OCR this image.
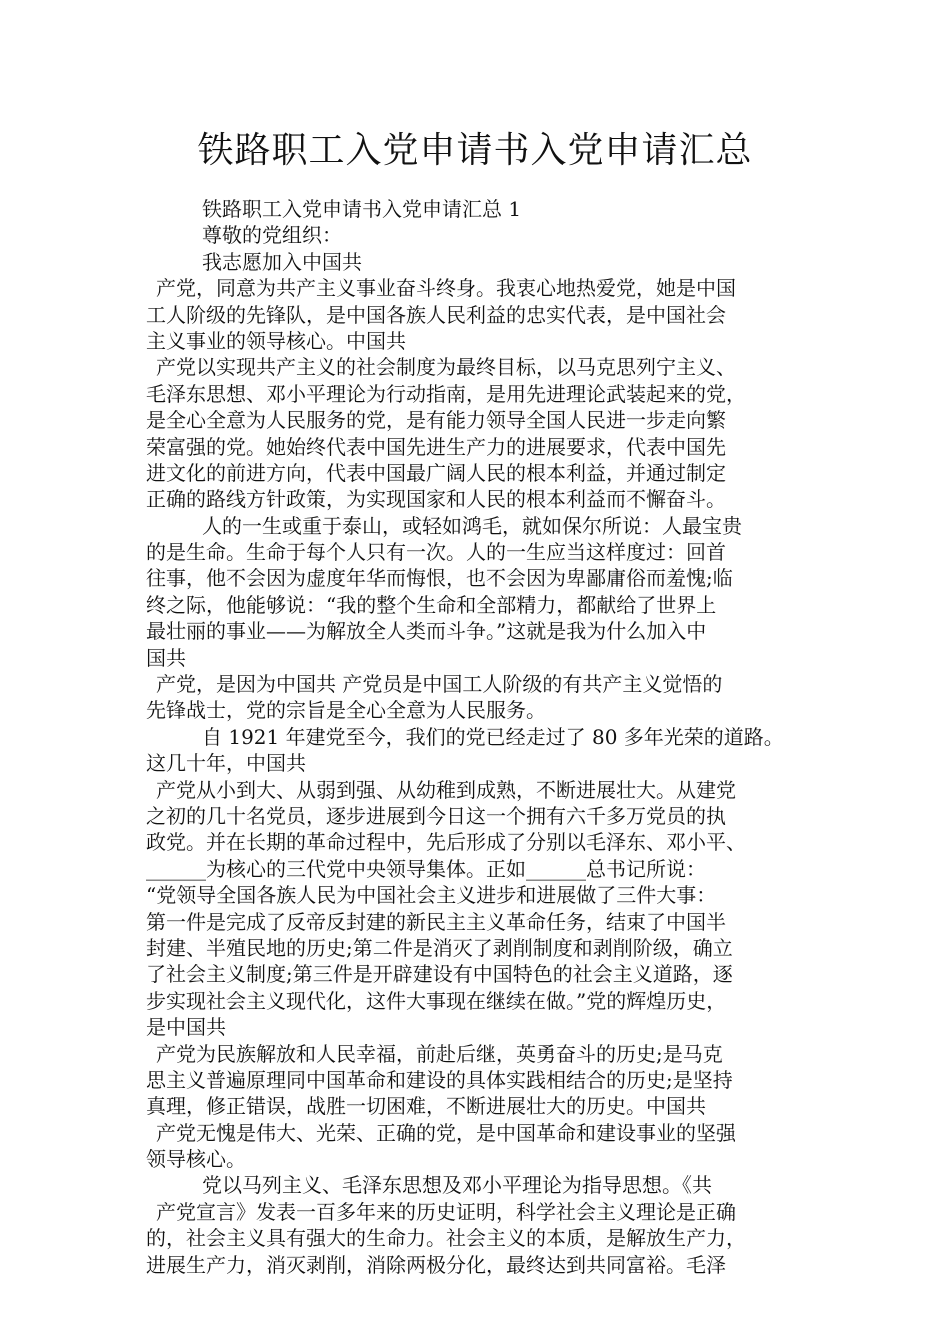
铁路职工入党申请书入党申请汇总
铁路职工入党申请书入党申请汇总 1
尊敬的党组织：
我志愿加入中国共
产党，同意为共产主义事业奋斗终身。我衷心地热爱党，她是中国
工人阶级的先锋队，是中国各族人民利益的忠实代表，是中国社会
主义事业的领导核心。中国共
产党以实现共产主义的社会制度为最终目标，以马克思列宁主义、
毛泽东思想、邓小平理论为行动指南，是用先进理论武装起来的党，
是全心全意为人民服务的党，是有能力领导全国人民进一步走向繁
荣富强的党。她始终代表中国先进生产力的进展要求，代表中国先
进文化的前进方向，代表中国最广阔人民的根本利益，并通过制定
正确的路线方针政策，为实现国家和人民的根本利益而不懈奋斗。
人的一生或重于泰山，或轻如鸿毛，就如保尔所说：人最宝贵
的是生命。生命于每个人只有一次。人的一生应当这样度过：回首
往事，他不会因为虚度年华而悔恨，也不会因为卑鄙庸俗而羞愧;临
终之际，他能够说：“我的整个生命和全部精力，都献给了世界上
最壮丽的事业——为解放全人类而斗争。”这就是我为什么加入中
国共
产党，是因为中国共 产党员是中国工人阶级的有共产主义觉悟的
先锋战士，党的宗旨是全心全意为人民服务。
自 1921 年建党至今，我们的党已经走过了 80 多年光荣的道路。
这几十年，中国共
产党从小到大、从弱到强、从幼稚到成熟，不断进展壮大。从建党
之初的几十名党员，逐步进展到今日这一个拥有六千多万党员的执
政党。并在长期的革命过程中，先后形成了分别以毛泽东、邓小平、
______为核心的三代党中央领导集体。正如______总书记所说：
“党领导全国各族人民为中国社会主义进步和进展做了三件大事：
第一件是完成了反帝反封建的新民主主义革命任务，结束了中国半
封建、半殖民地的历史;第二件是消灭了剥削制度和剥削阶级，确立
了社会主义制度;第三件是开辟建设有中国特色的社会主义道路，逐
步实现社会主义现代化，这件大事现在继续在做。”党的辉煌历史，
是中国共
产党为民族解放和人民幸福，前赴后继，英勇奋斗的历史;是马克
思主义普遍原理同中国革命和建设的具体实践相结合的历史;是坚持
真理，修正错误，战胜一切困难，不断进展壮大的历史。中国共
产党无愧是伟大、光荣、正确的党，是中国革命和建设事业的坚强
领导核心。
党以马列主义、毛泽东思想及邓小平理论为指导思想。《共
产党宣言》发表一百多年来的历史证明，科学社会主义理论是正确
的，社会主义具有强大的生命力。社会主义的本质，是解放生产力，
进展生产力，消灭剥削，消除两极分化，最终达到共同富裕。毛泽
